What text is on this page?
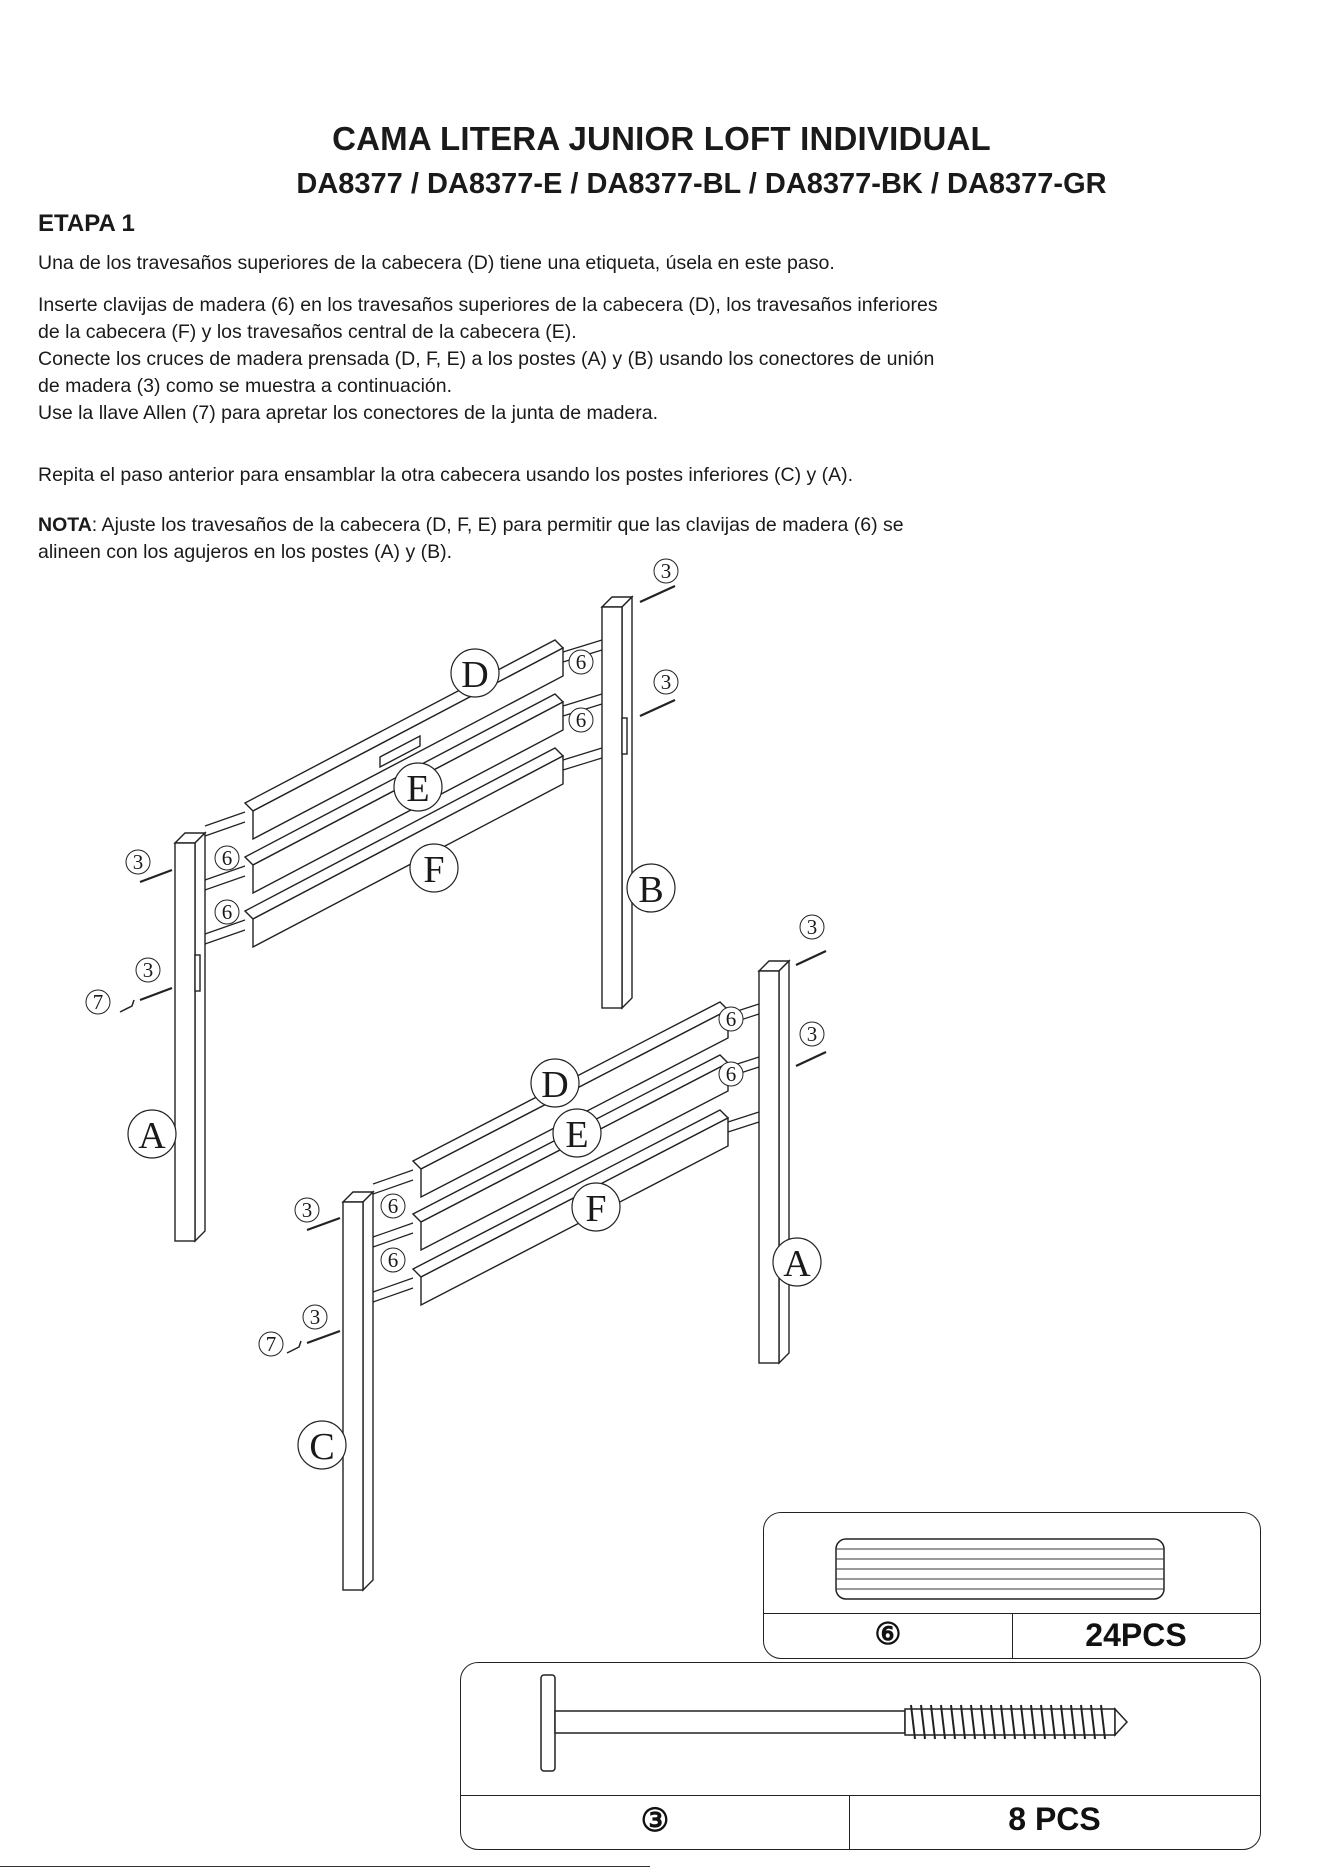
CAMA LITERA JUNIOR LOFT INDIVIDUAL
DA8377 / DA8377-E / DA8377-BL / DA8377-BK / DA8377-GR
ETAPA 1

Una de los travesaños superiores de la cabecera (D) tiene una etiqueta, úsela en este paso.

Inserte clavijas de madera (6) en los travesaños superiores de la cabecera (D), los travesaños inferiores
de la cabecera (F) y los travesaños central de la cabecera (E).
Conecte los cruces de madera prensada (D, F, E) a los postes (A) y (B) usando los conectores de unión
de madera (3) como se muestra a continuación.
Use la llave Allen (7) para apretar los conectores de la junta de madera.

Repita el paso anterior para ensamblar la otra cabecera usando los postes inferiores (C) y (A).

NOTA: Ajuste los travesaños de la cabecera (D, F, E) para permitir que las clavijas de madera (6) se
alineen con los agujeros en los postes (A) y (B).
D
E
F	B
A
D
E
F
A
C
3
6
3
6
3	6
6
3
7
3
6
3
6
3	6
6
3
7
⑥	24PCS
③	8 PCS
